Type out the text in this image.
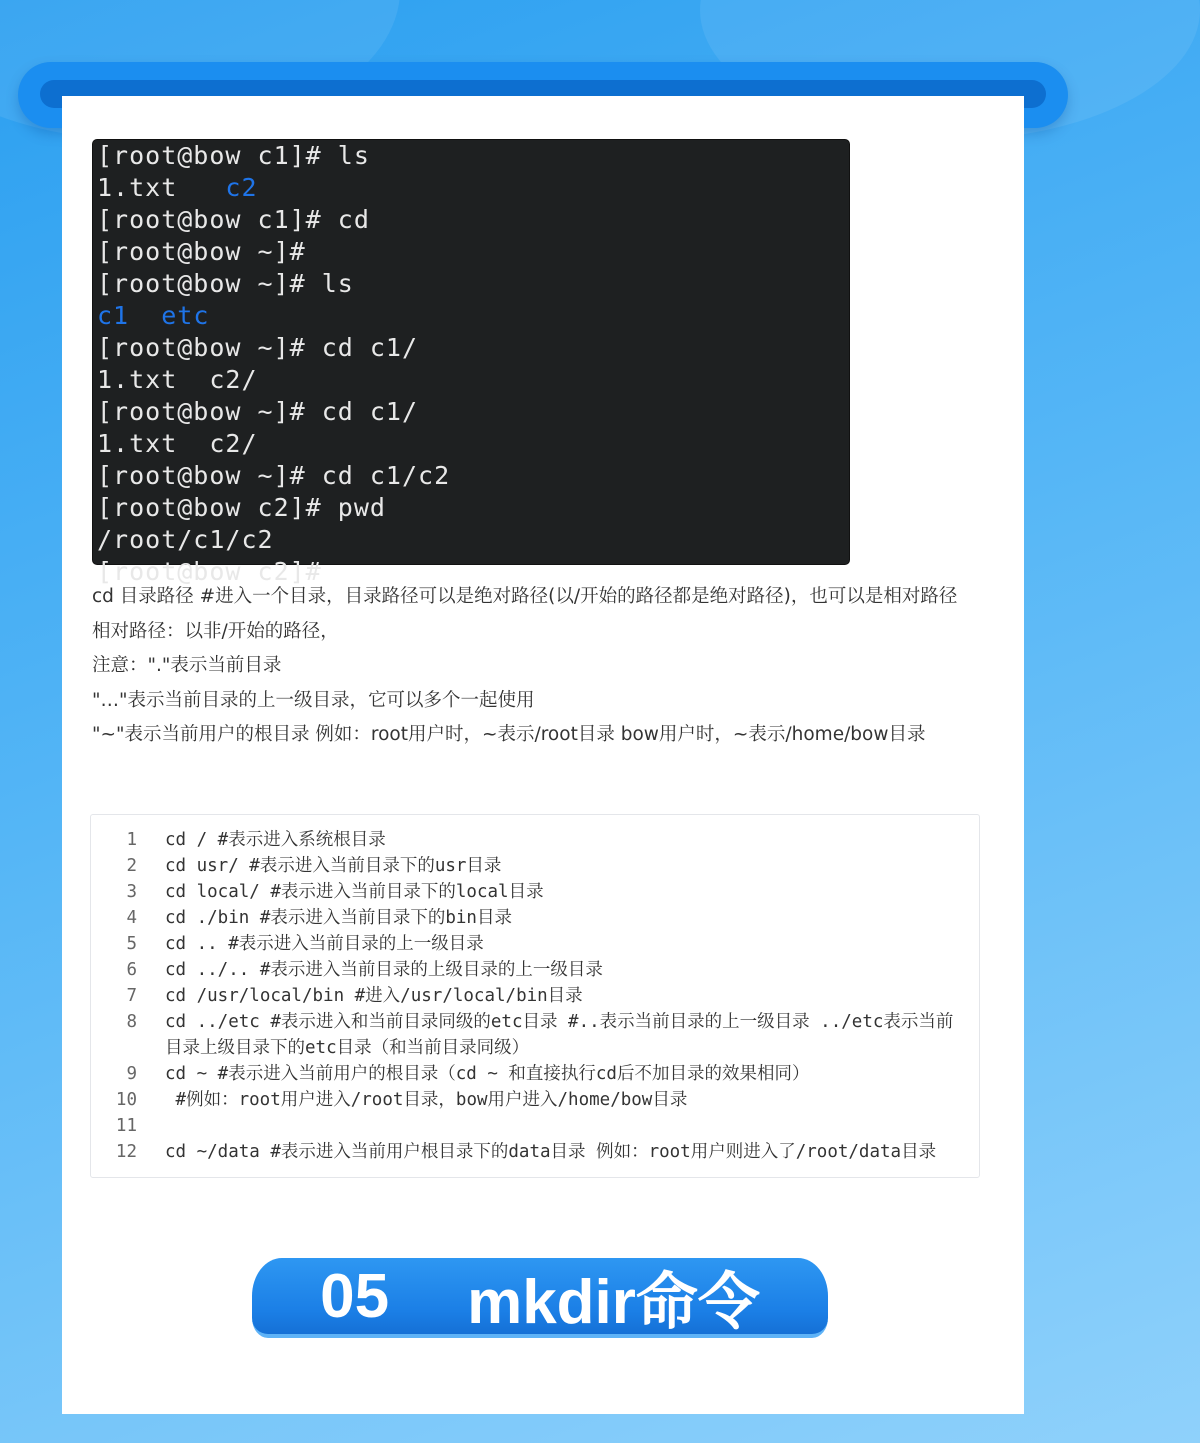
[root@bow c1]# ls
1.txt   c2
[root@bow c1]# cd
[root@bow ~]#
[root@bow ~]# ls
c1 etc
[root@bow ~]# cd c1/
1.txt  c2/
[root@bow ~]# cd c1/
1.txt  c2/
[root@bow ~]# cd c1/c2
[root@bow c2]# pwd
/root/c1/c2
[root@bow c2]#

cd 目录路径 #进入一个目录，目录路径可以是绝对路径(以/开始的路径都是绝对路径)，也可以是相对路径

相对路径：以非/开始的路径，

注意："."表示当前目录

"…"表示当前目录的上一级目录，它可以多个一起使用

"~"表示当前用户的根目录 例如：root用户时，~表示/root目录 bow用户时，~表示/home/bow目录

1	cd / #表示进入系统根目录
2	cd usr/ #表示进入当前目录下的usr目录
3	cd local/ #表示进入当前目录下的local目录
4	cd ./bin #表示进入当前目录下的bin目录
5	cd .. #表示进入当前目录的上一级目录
6	cd ../.. #表示进入当前目录的上级目录的上一级目录
7	cd /usr/local/bin #进入/usr/local/bin目录
8	cd ../etc #表示进入和当前目录同级的etc目录 #..表示当前目录的上一级目录 ../etc表示当前目录上级目录下的etc目录（和当前目录同级）
9	cd ~ #表示进入当前用户的根目录（cd ~ 和直接执行cd后不加目录的效果相同）
10	#例如：root用户进入/root目录，bow用户进入/home/bow目录
11
12	cd ~/data #表示进入当前用户根目录下的data目录 例如：root用户则进入了/root/data目录
05 mkdir命令
